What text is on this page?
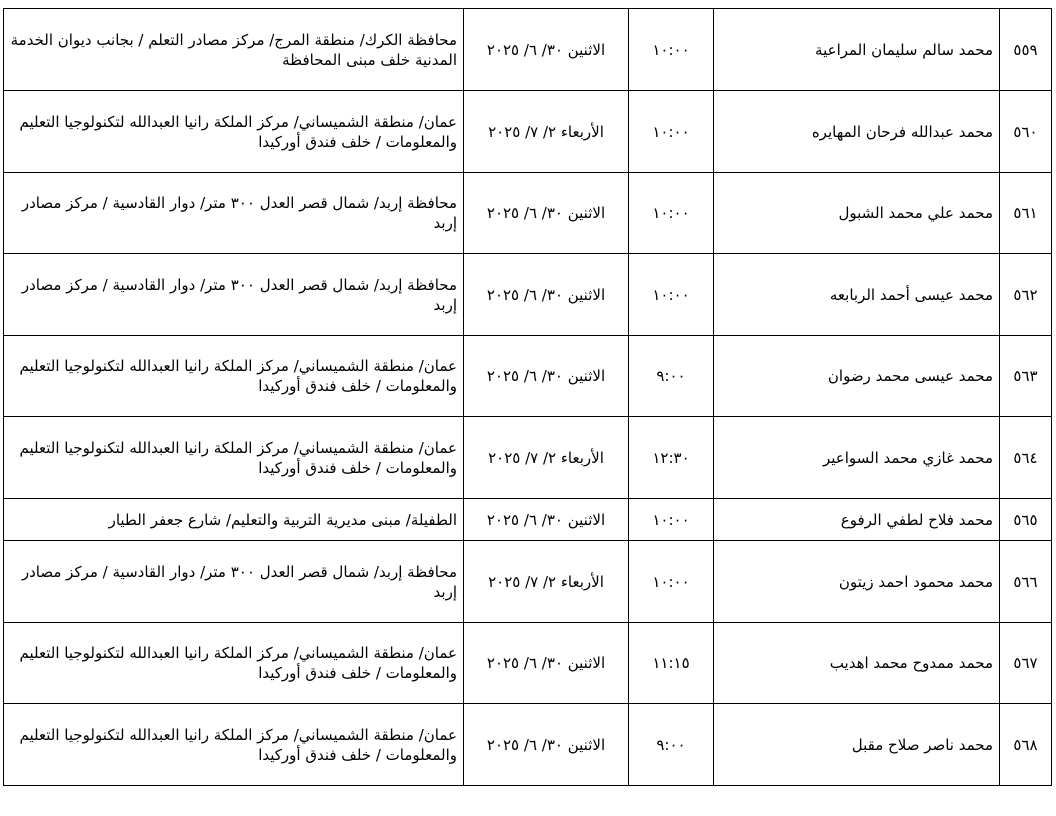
٥٥٩	محمد سالم سليمان المراعية	١٠:٠٠	الاثنين ٣٠/ ٦/ ٢٠٢٥	محافظة الكرك/ منطقة المرج/ مركز مصادر التعلم / بجانب ديوان الخدمة المدنية خلف مبنى المحافظة
٥٦٠	محمد عبدالله فرحان المهايره	١٠:٠٠	الأربعاء ٢/ ٧/ ٢٠٢٥	عمان/ منطقة الشميساني/ مركز الملكة رانيا العبدالله لتكنولوجيا التعليم والمعلومات / خلف فندق أوركيدا
٥٦١	محمد علي محمد الشبول	١٠:٠٠	الاثنين ٣٠/ ٦/ ٢٠٢٥	محافظة إربد/ شمال قصر العدل ٣٠٠ متر/ دوار القادسية / مركز مصادر إربد
٥٦٢	محمد عيسى أحمد الربابعه	١٠:٠٠	الاثنين ٣٠/ ٦/ ٢٠٢٥	محافظة إربد/ شمال قصر العدل ٣٠٠ متر/ دوار القادسية / مركز مصادر إربد
٥٦٣	محمد عيسى محمد رضوان	٩:٠٠	الاثنين ٣٠/ ٦/ ٢٠٢٥	عمان/ منطقة الشميساني/ مركز الملكة رانيا العبدالله لتكنولوجيا التعليم والمعلومات / خلف فندق أوركيدا
٥٦٤	محمد غازي محمد السواعير	١٢:٣٠	الأربعاء ٢/ ٧/ ٢٠٢٥	عمان/ منطقة الشميساني/ مركز الملكة رانيا العبدالله لتكنولوجيا التعليم والمعلومات / خلف فندق أوركيدا
٥٦٥	محمد فلاح لطفي الرفوع	١٠:٠٠	الاثنين ٣٠/ ٦/ ٢٠٢٥	الطفيلة/ مبنى مديرية التربية والتعليم/ شارع جعفر الطيار
٥٦٦	محمد محمود احمد زيتون	١٠:٠٠	الأربعاء ٢/ ٧/ ٢٠٢٥	محافظة إربد/ شمال قصر العدل ٣٠٠ متر/ دوار القادسية / مركز مصادر إربد
٥٦٧	محمد ممدوح محمد اهديب	١١:١٥	الاثنين ٣٠/ ٦/ ٢٠٢٥	عمان/ منطقة الشميساني/ مركز الملكة رانيا العبدالله لتكنولوجيا التعليم والمعلومات / خلف فندق أوركيدا
٥٦٨	محمد ناصر صلاح مقبل	٩:٠٠	الاثنين ٣٠/ ٦/ ٢٠٢٥	عمان/ منطقة الشميساني/ مركز الملكة رانيا العبدالله لتكنولوجيا التعليم والمعلومات / خلف فندق أوركيدا
